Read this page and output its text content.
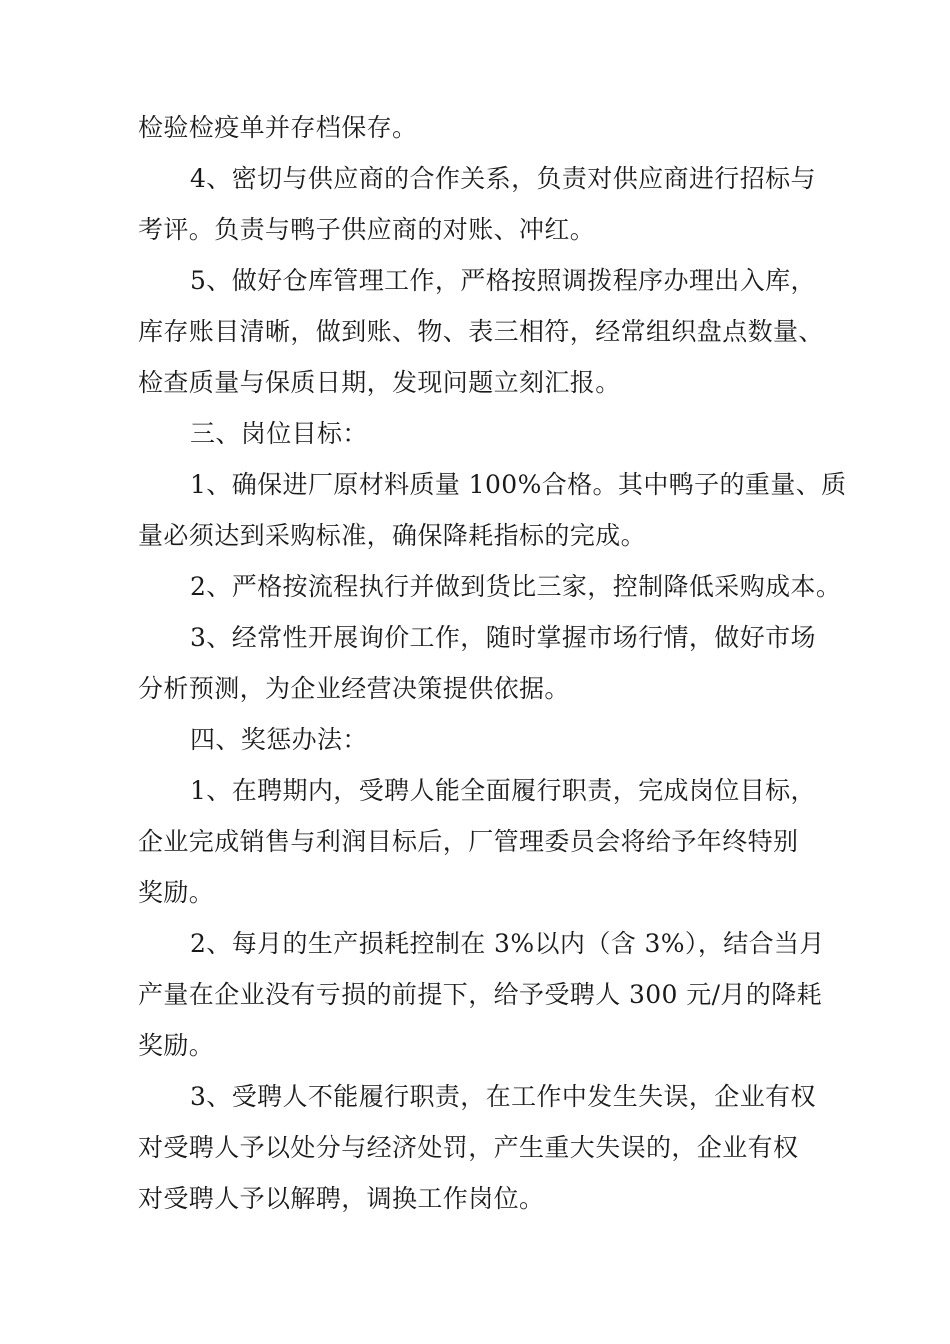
检验检疫单并存档保存。
4、密切与供应商的合作关系，负责对供应商进行招标与
考评。负责与鸭子供应商的对账、冲红。
5、做好仓库管理工作，严格按照调拨程序办理出入库，
库存账目清晰，做到账、物、表三相符，经常组织盘点数量、
检查质量与保质日期，发现问题立刻汇报。
三、岗位目标：
1、确保进厂原材料质量 100%合格。其中鸭子的重量、质
量必须达到采购标准，确保降耗指标的完成。
2、严格按流程执行并做到货比三家，控制降低采购成本。
3、经常性开展询价工作，随时掌握市场行情，做好市场
分析预测，为企业经营决策提供依据。
四、奖惩办法：
1、在聘期内，受聘人能全面履行职责，完成岗位目标，
企业完成销售与利润目标后，厂管理委员会将给予年终特别
奖励。
2、每月的生产损耗控制在 3%以内（含 3%），结合当月
产量在企业没有亏损的前提下，给予受聘人 300 元/月的降耗
奖励。
3、受聘人不能履行职责，在工作中发生失误，企业有权
对受聘人予以处分与经济处罚，产生重大失误的，企业有权
对受聘人予以解聘，调换工作岗位。
